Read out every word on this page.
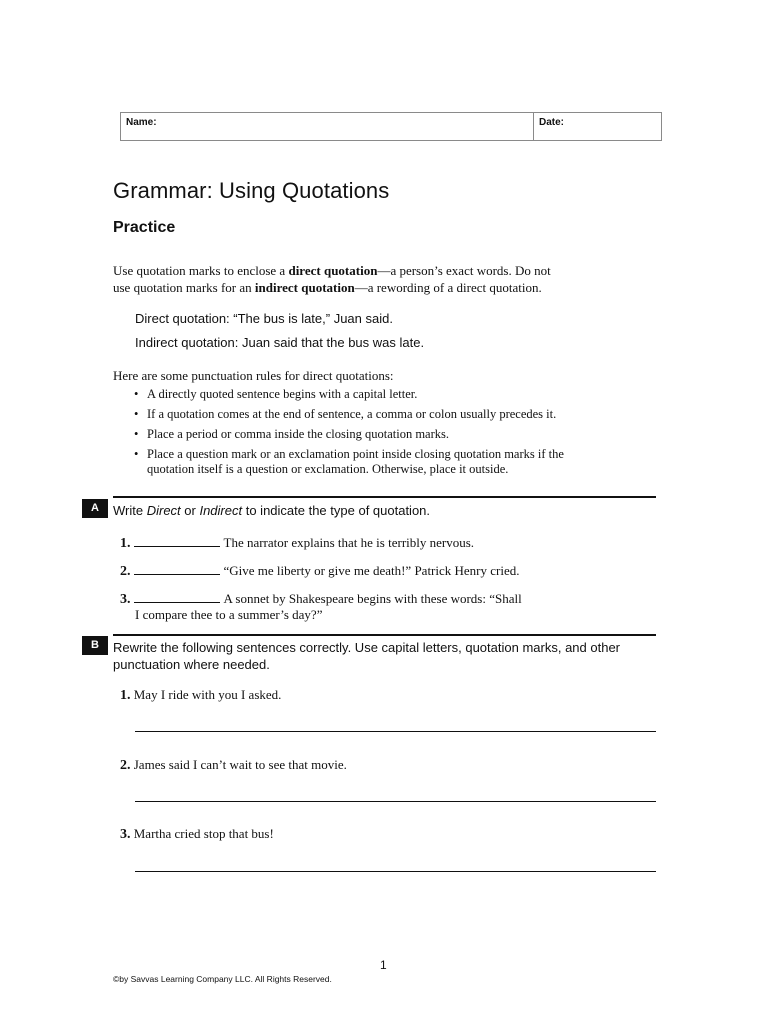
Name:	Date:
Grammar: Using Quotations
Practice
Use quotation marks to enclose a direct quotation—a person’s exact words. Do not
use quotation marks for an indirect quotation—a rewording of a direct quotation.
Direct quotation: “The bus is late,” Juan said.
Indirect quotation: Juan said that the bus was late.
Here are some punctuation rules for direct quotations:
• A directly quoted sentence begins with a capital letter.
• If a quotation comes at the end of sentence, a comma or colon usually precedes it.
• Place a period or comma inside the closing quotation marks.
• Place a question mark or an exclamation point inside closing quotation marks if the quotation itself is a question or exclamation. Otherwise, place it outside.
A	Write Direct or Indirect to indicate the type of quotation.
1.	The narrator explains that he is terribly nervous.
2.	“Give me liberty or give me death!” Patrick Henry cried.
3.	A sonnet by Shakespeare begins with these words: “Shall
I compare thee to a summer’s day?”
B	Rewrite the following sentences correctly. Use capital letters, quotation marks, and other punctuation where needed.
1. May I ride with you I asked.
2. James said I can’t wait to see that movie.
3. Martha cried stop that bus!
1
©by Savvas Learning Company LLC. All Rights Reserved.
